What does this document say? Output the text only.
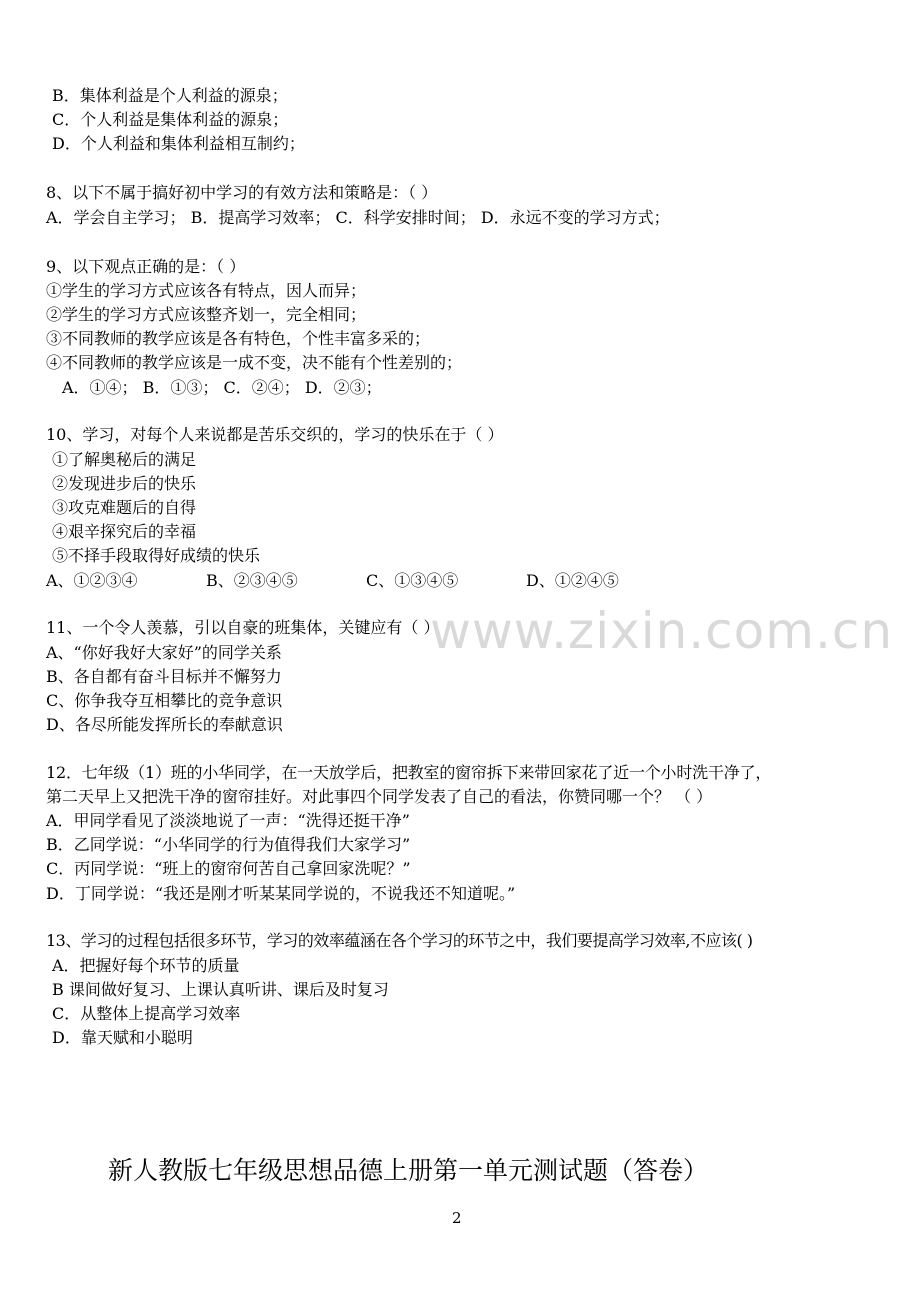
B．集体利益是个人利益的源泉；
C．个人利益是集体利益的源泉；
D．个人利益和集体利益相互制约；
8、以下不属于搞好初中学习的有效方法和策略是：（ ）
A．学会自主学习； B．提高学习效率； C．科学安排时间； D．永远不变的学习方式；
9、以下观点正确的是：（ ）
①学生的学习方式应该各有特点，因人而异；
②学生的学习方式应该整齐划一，完全相同；
③不同教师的教学应该是各有特色，个性丰富多采的；
④不同教师的教学应该是一成不变，决不能有个性差别的；
A．①④； B．①③； C．②④； D．②③；
10、学习，对每个人来说都是苦乐交织的，学习的快乐在于（ ）
①了解奥秘后的满足
②发现进步后的快乐
③攻克难题后的自得
④艰辛探究后的幸福
⑤不择手段取得好成绩的快乐
A、①②③④	B、②③④⑤	C、①③④⑤	D、①②④⑤
www.zixin.com.cn
11、一个令人羡慕，引以自豪的班集体，关键应有（ ）
A、“你好我好大家好”的同学关系
B、各自都有奋斗目标并不懈努力
C、你争我夺互相攀比的竞争意识
D、各尽所能发挥所长的奉献意识
12．七年级（1）班的小华同学，在一天放学后，把教室的窗帘拆下来带回家花了近一个小时洗干净了，
第二天早上又把洗干净的窗帘挂好。对此事四个同学发表了自己的看法，你赞同哪一个？ （ ）
A．甲同学看见了淡淡地说了一声：“洗得还挺干净”
B．乙同学说：“小华同学的行为值得我们大家学习”
C．丙同学说：“班上的窗帘何苦自己拿回家洗呢？”
D．丁同学说：“我还是刚才听某某同学说的，不说我还不知道呢。”
13、学习的过程包括很多环节，学习的效率蕴涵在各个学习的环节之中，我们要提高学习效率,不应该( )
A．把握好每个环节的质量
B 课间做好复习、上课认真听讲、课后及时复习
C．从整体上提高学习效率
D．靠天赋和小聪明
新人教版七年级思想品德上册第一单元测试题（答卷）
2
